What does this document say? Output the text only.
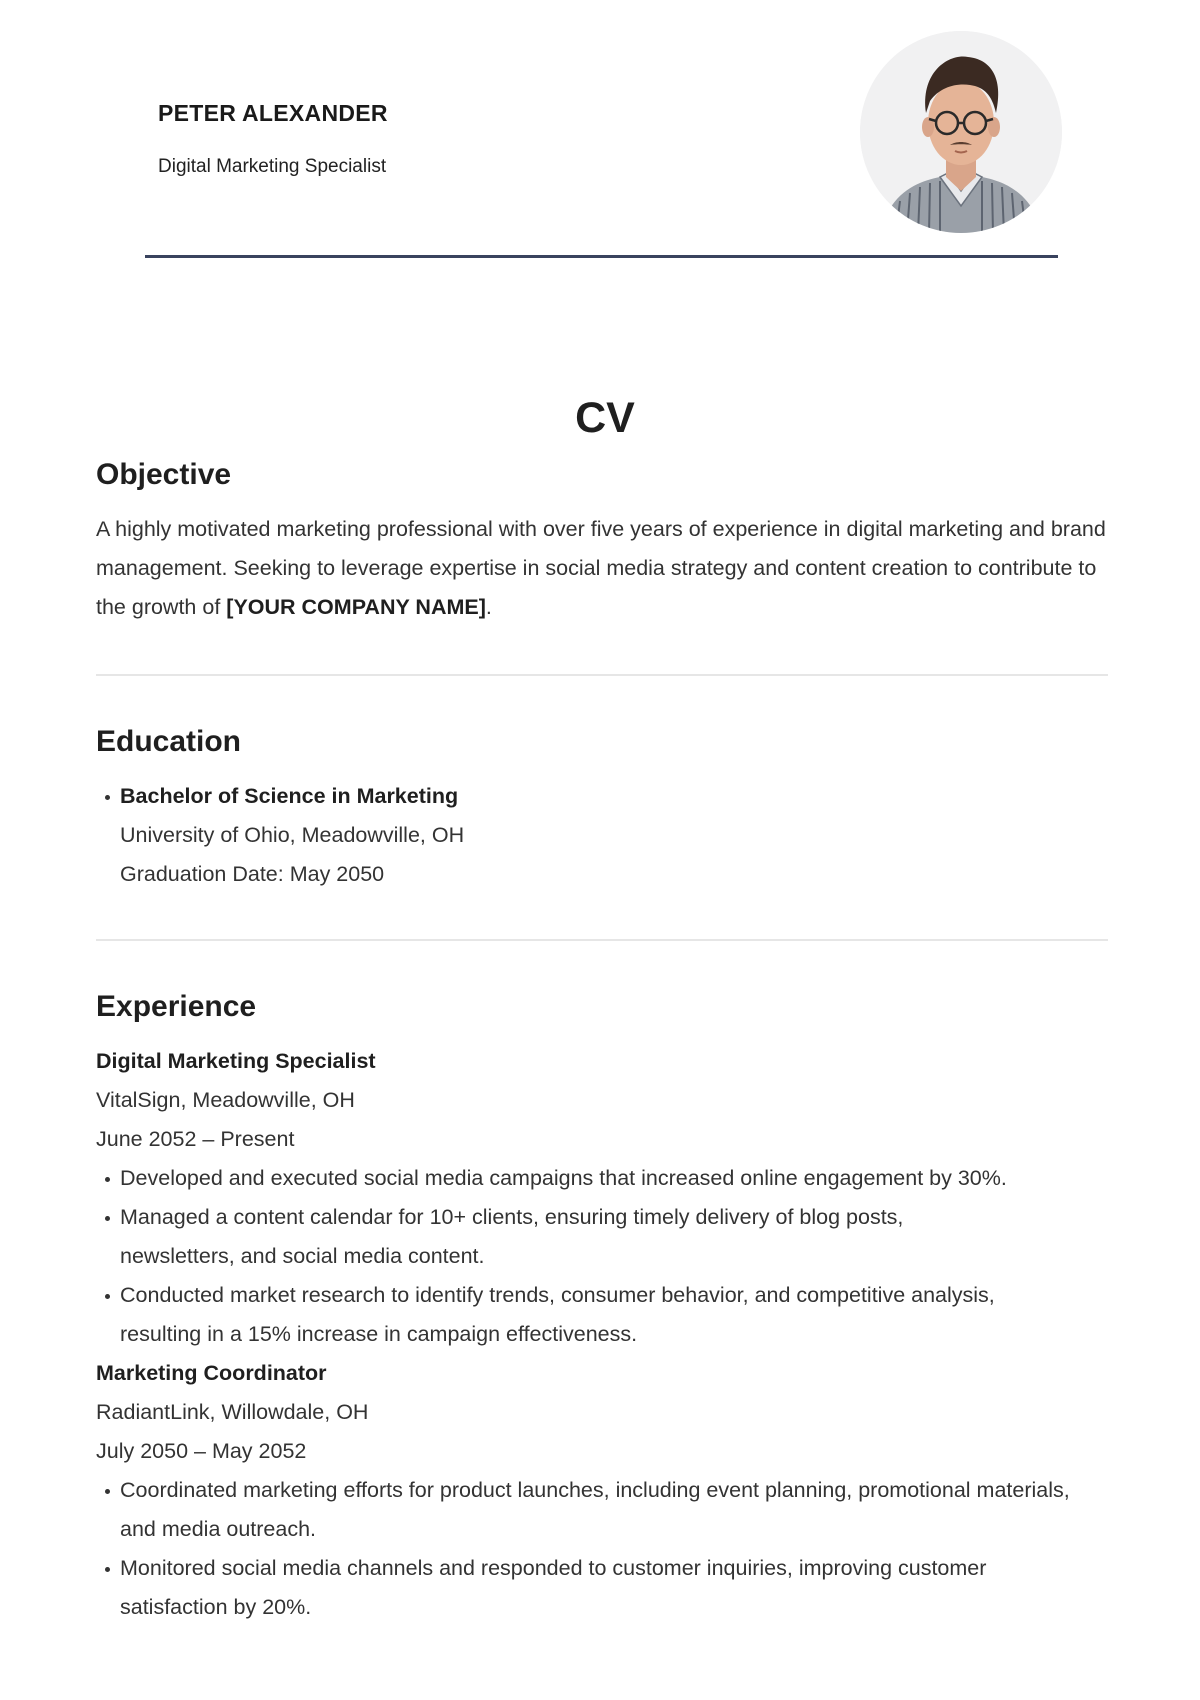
PETER ALEXANDER
Digital Marketing Specialist
CV
Objective

A highly motivated marketing professional with over five years of experience in digital marketing and brand management. Seeking to leverage expertise in social media strategy and content creation to contribute to the growth of [YOUR COMPANY NAME].

Education
Bachelor of Science in Marketing
University of Ohio, Meadowville, OH
Graduation Date: May 2050
Experience
Digital Marketing Specialist
VitalSign, Meadowville, OH
June 2052 – Present
Developed and executed social media campaigns that increased online engagement by 30%.
Managed a content calendar for 10+ clients, ensuring timely delivery of blog posts, newsletters, and social media content.
Conducted market research to identify trends, consumer behavior, and competitive analysis, resulting in a 15% increase in campaign effectiveness.
Marketing Coordinator
RadiantLink, Willowdale, OH
July 2050 – May 2052
Coordinated marketing efforts for product launches, including event planning, promotional materials, and media outreach.
Monitored social media channels and responded to customer inquiries, improving customer satisfaction by 20%.
